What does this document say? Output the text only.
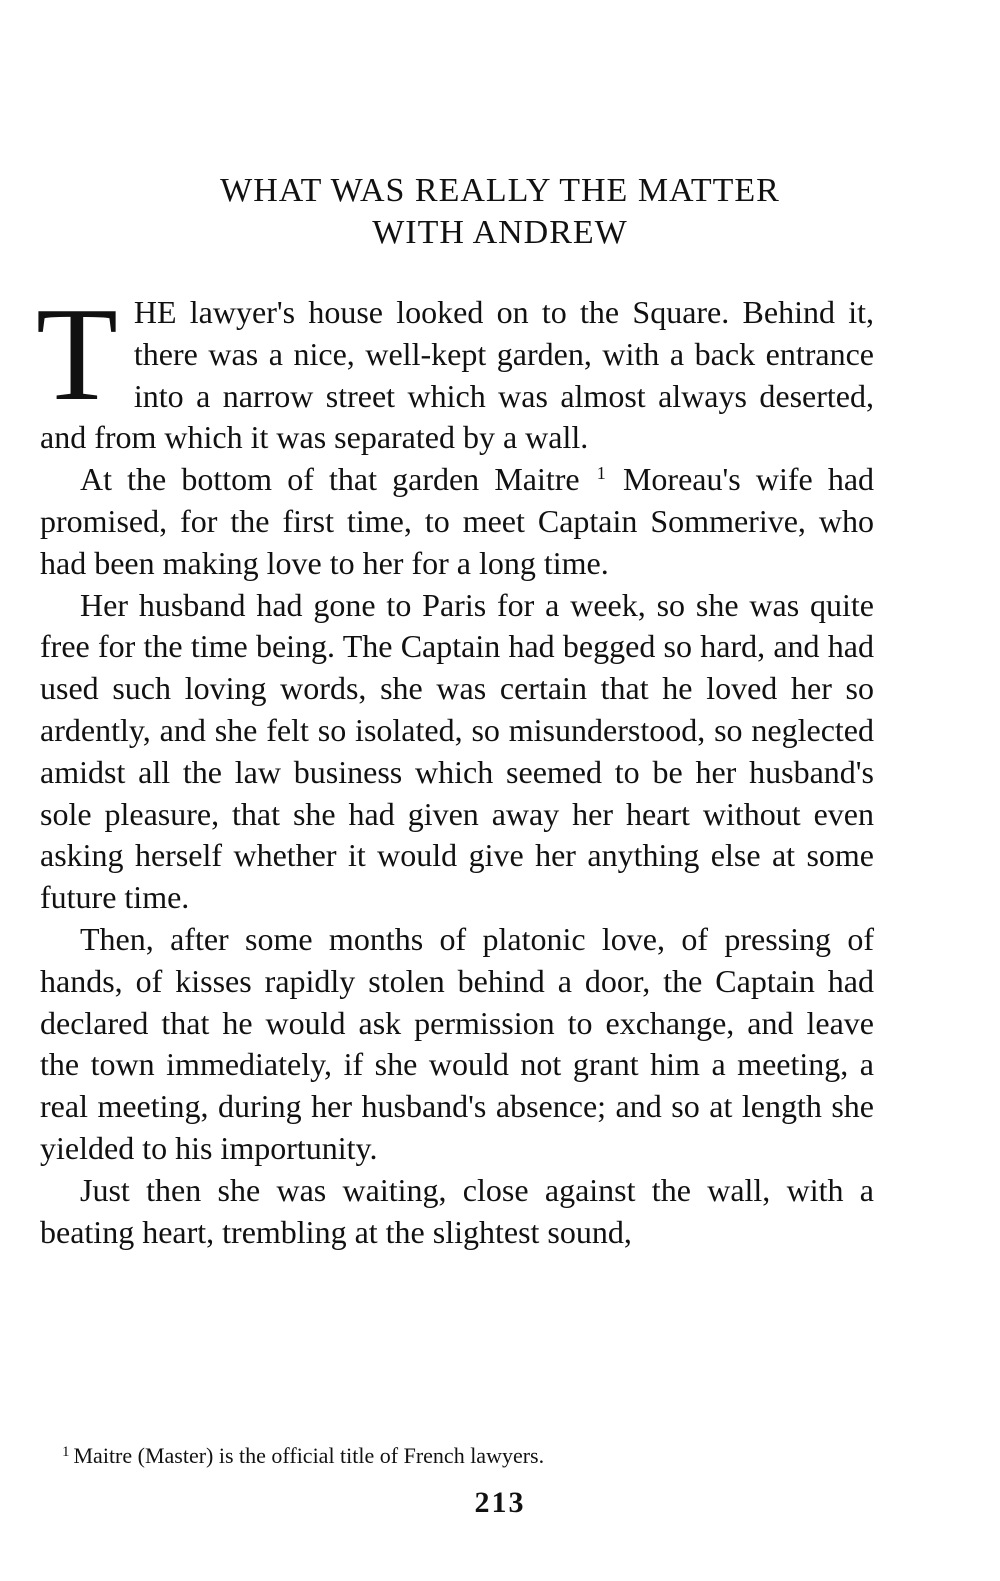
WHAT WAS REALLY THE MATTER
WITH ANDREW

THE lawyer's house looked on to the Square. Behind it, there was a nice, well-kept garden, with a back entrance into a narrow street which was almost always deserted, and from which it was separated by a wall.

At the bottom of that garden Maitre $^1$ Moreau's wife had promised, for the first time, to meet Captain Sommerive, who had been making love to her for a long time.

Her husband had gone to Paris for a week, so she was quite free for the time being. The Captain had begged so hard, and had used such loving words, she was certain that he loved her so ardently, and she felt so isolated, so misunderstood, so neglected amidst all the law business which seemed to be her husband's sole pleasure, that she had given away her heart without even asking herself whether it would give her anything else at some future time.

Then, after some months of platonic love, of pressing of hands, of kisses rapidly stolen behind a door, the Captain had declared that he would ask permission to exchange, and leave the town immediately, if she would not grant him a meeting, a real meeting, during her husband's absence; and so at length she yielded to his importunity.

Just then she was waiting, close against the wall, with a beating heart, trembling at the slightest sound,

$^1$ Maitre (Master) is the official title of French lawyers.

213
